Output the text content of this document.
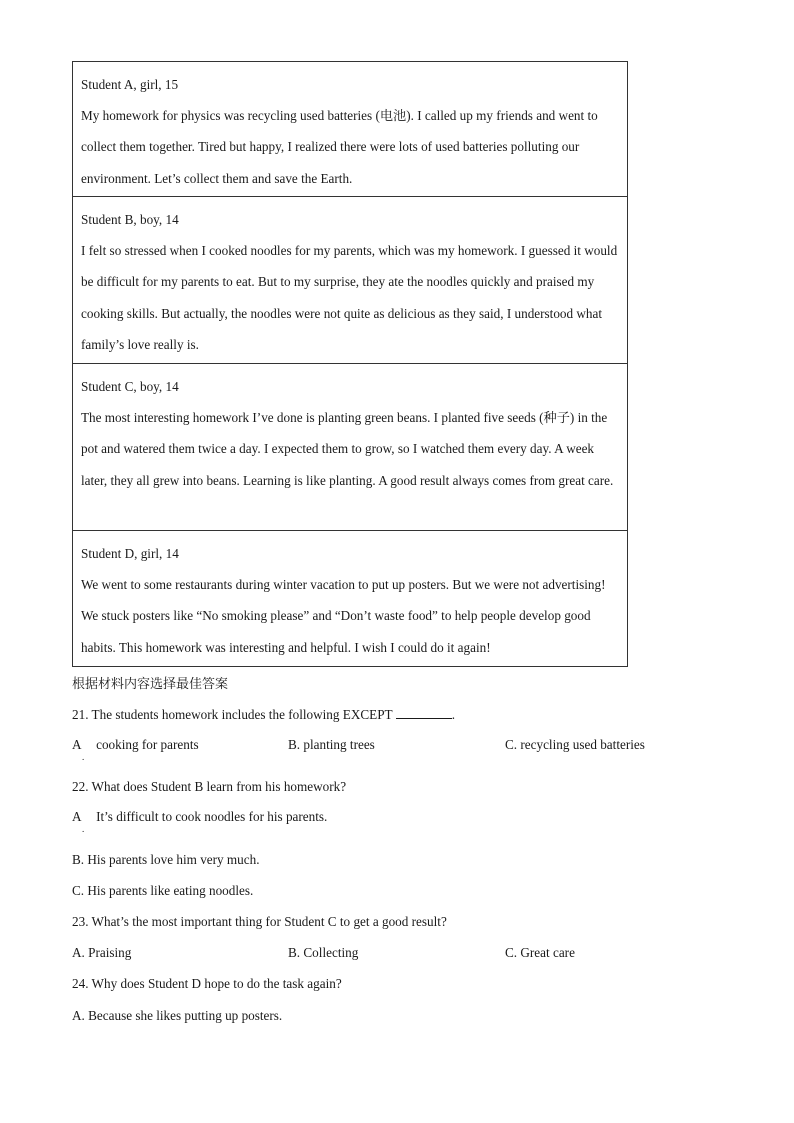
Student A, girl, 15
My homework for physics was recycling used batteries (电池). I called up my friends and went to collect them together. Tired but happy, I realized there were lots of used batteries polluting our environment. Let’s collect them and save the Earth.
Student B, boy, 14
I felt so stressed when I cooked noodles for my parents, which was my homework. I guessed it would be difficult for my parents to eat. But to my surprise, they ate the noodles quickly and praised my cooking skills. But actually, the noodles were not quite as delicious as they said, I understood what family’s love really is.
Student C, boy, 14
The most interesting homework I’ve done is planting green beans. I planted five seeds (种子) in the pot and watered them twice a day. I expected them to grow, so I watched them every day. A week later, they all grew into beans. Learning is like planting. A good result always comes from great care.
Student D, girl, 14
We went to some restaurants during winter vacation to put up posters. But we were not advertising! We stuck posters like “No smoking please” and “Don’t waste food” to help people develop good habits. This homework was interesting and helpful. I wish I could do it again!
根据材料内容选择最佳答案
21. The students homework includes the following EXCEPT	.
A cooking for parents
.
B. planting trees	C. recycling used batteries
22. What does Student B learn from his homework?
A It’s difficult to cook noodles for his parents.
.
B. His parents love him very much.
C. His parents like eating noodles.
23. What’s the most important thing for Student C to get a good result?
A. Praising	B. Collecting	C. Great care
24. Why does Student D hope to do the task again?
A. Because she likes putting up posters.
